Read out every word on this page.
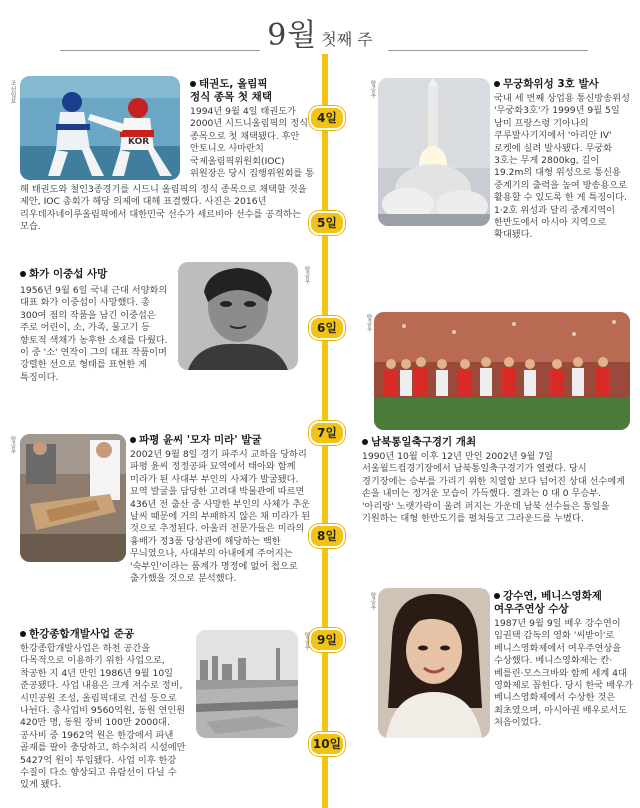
9월 첫째 주
4일
5일
6일
7일
8일
9일
10일
조선일보
KOR
태권도, 올림픽
정식 종목 첫 채택
1994년 9월 4일 태권도가 2000년 시드니올림픽의 정식 종목으로 첫 채택됐다. 후안 안토니오 사마란치 국제올림픽위원회(IOC) 위원장은 당시 집행위원회를 통
해 태권도와 철인3종경기를 시드니 올림픽의 정식 종목으로 채택할 것을 제안, IOC 총회가 해당 의제에 대해 표결했다. 사진은 2016년 리우데자네이루올림픽에서 대한민국 선수가 세르비아 선수를 공격하는 모습.
항공우	무궁화위성 3호 발사
국내 세 번째 상업용 통신방송위성 '무궁화3호'가 1999년 9월 5일 남미 프랑스령 기아나의 쿠루발사기지에서 '아리안 IV' 로켓에 실려 발사됐다. 무궁화 3호는 무게 2800kg, 길이 19.2m의 대형 위성으로 통신용 중계기의 출력을 높여 방송용으로 활용할 수 있도록 한 게 특징이다. 1·2호 위성과 달리 중계지역이 한반도에서 아시아 지역으로 확대됐다.
화가 이중섭 사망
1956년 9월 6일 국내 근대 서양화의 대표 화가 이중섭이 사망했다. 총 300여 점의 작품을 남긴 이중섭은 주로 어린이, 소, 가족, 물고기 등 향토적 색채가 농후한 소재를 다뤘다. 이 중 '소' 연작이 그의 대표 작품이며 강렬한 선으로 형태를 표현한 게 특징이다.
항공우
항공우
남북통일축구경기 개최
1990년 10월 이후 12년 만인 2002년 9월 7일 서울월드컵경기장에서 남북통일축구경기가 열렸다. 당시 경기장에는 승부를 가리기 위한 치열함 보다 넘어진 상대 선수에게 손을 내미는 정겨운 모습이 가득했다. 결과는 0 대 0 무승부. '아리랑' 노랫가락이 울려 퍼지는 가운데 남북 선수들은 통일을 기원하는 대형 한반도기를 펼쳐들고 그라운드를 누볐다.
항공우	파평 윤씨 '모자 미라' 발굴
2002년 9월 8일 경기 파주시 교하읍 당하리 파평 윤씨 정정공파 묘역에서 태아와 함께 미라가 된 사대부 부인의 사체가 발굴됐다. 묘역 발굴을 담당한 고려대 박물관에 따르면 436년 전 출산 중 사망한 부인의 사체가 추운 날씨 때문에 거의 부패하지 않은 채 미라가 된 것으로 추정된다. 아울러 전문가들은 미라의 흉배가 정3품 당상관에 해당하는 백한 무늬였으나, 사대부의 아내에게 주어지는 '숙부인'이라는 품계가 명정에 없어 첩으로 출가했을 것으로 분석했다.
항공우	강수연, 베니스영화제
여우주연상 수상
1987년 9월 9일 배우 강수연이 임권택 감독의 영화 '씨받이'로 베니스영화제에서 여우주연상을 수상했다. 베니스영화제는 칸·베를린·모스크바와 함께 세계 4대 영화제로 꼽힌다. 당시 한국 배우가 베니스영화제에서 수상한 것은 최초였으며, 아시아권 배우로서도 처음이었다.
한강종합개발사업 준공
한강종합개발사업은 하천 공간을 다목적으로 이용하기 위한 사업으로, 착공한 지 4년 만인 1986년 9월 10일 준공됐다. 사업 내용은 크게 저수로 정비, 시민공원 조성, 올림픽대로 건설 등으로 나뉜다. 총사업비 9560억원, 동원 연인원 420만 명, 동원 장비 100만 2000대. 공사비 중 1962억 원은 한강에서 파낸 골재를 팔아 충당하고, 하수처리 시설에만 5427억 원이 투입됐다. 사업 이후 한강 수질이 다소 향상되고 유람선이 다닐 수 있게 됐다.
항공우
